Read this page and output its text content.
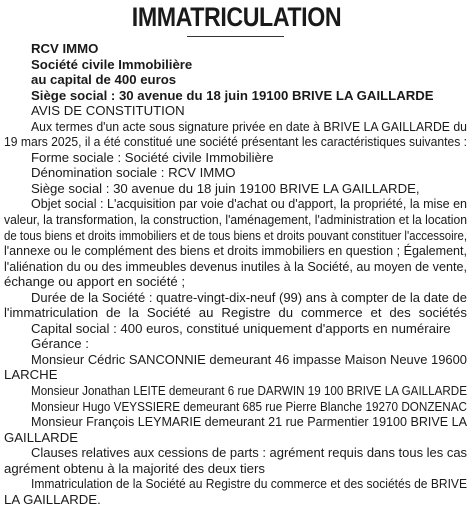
IMMATRICULATION
RCV IMMO
Société civile Immobilière
au capital de 400 euros
Siège social : 30 avenue du 18 juin 19100 BRIVE LA GAILLARDE
AVIS DE CONSTITUTION
Aux termes d'un acte sous signature privée en date à BRIVE LA GAILLARDE du
19 mars 2025, il a été constitué une société présentant les caractéristiques suivantes :
Forme sociale : Société civile Immobilière
Dénomination sociale : RCV IMMO
Siège social : 30 avenue du 18 juin 19100 BRIVE LA GAILLARDE,
Objet social : L'acquisition par voie d'achat ou d'apport, la propriété, la mise en
valeur, la transformation, la construction, l'aménagement, l'administration et la location
de tous biens et droits immobiliers et de tous biens et droits pouvant constituer l'accessoire,
l'annexe ou le complément des biens et droits immobiliers en question ; Également,
l'aliénation du ou des immeubles devenus inutiles à la Société, au moyen de vente,
échange ou apport en société ;
Durée de la Société : quatre-vingt-dix-neuf (99) ans à compter de la date de
l'immatriculation de la Société au Registre du commerce et des sociétés
Capital social : 400 euros, constitué uniquement d'apports en numéraire
Gérance :
Monsieur Cédric SANCONNIE demeurant 46 impasse Maison Neuve 19600
LARCHE
Monsieur Jonathan LEITE demeurant 6 rue DARWIN 19 100 BRIVE LA GAILLARDE
Monsieur Hugo VEYSSIERE demeurant 685 rue Pierre Blanche 19270 DONZENAC
Monsieur François LEYMARIE demeurant 21 rue Parmentier 19100 BRIVE LA
GAILLARDE
Clauses relatives aux cessions de parts : agrément requis dans tous les cas
agrément obtenu à la majorité des deux tiers
Immatriculation de la Société au Registre du commerce et des sociétés de BRIVE
LA GAILLARDE.
